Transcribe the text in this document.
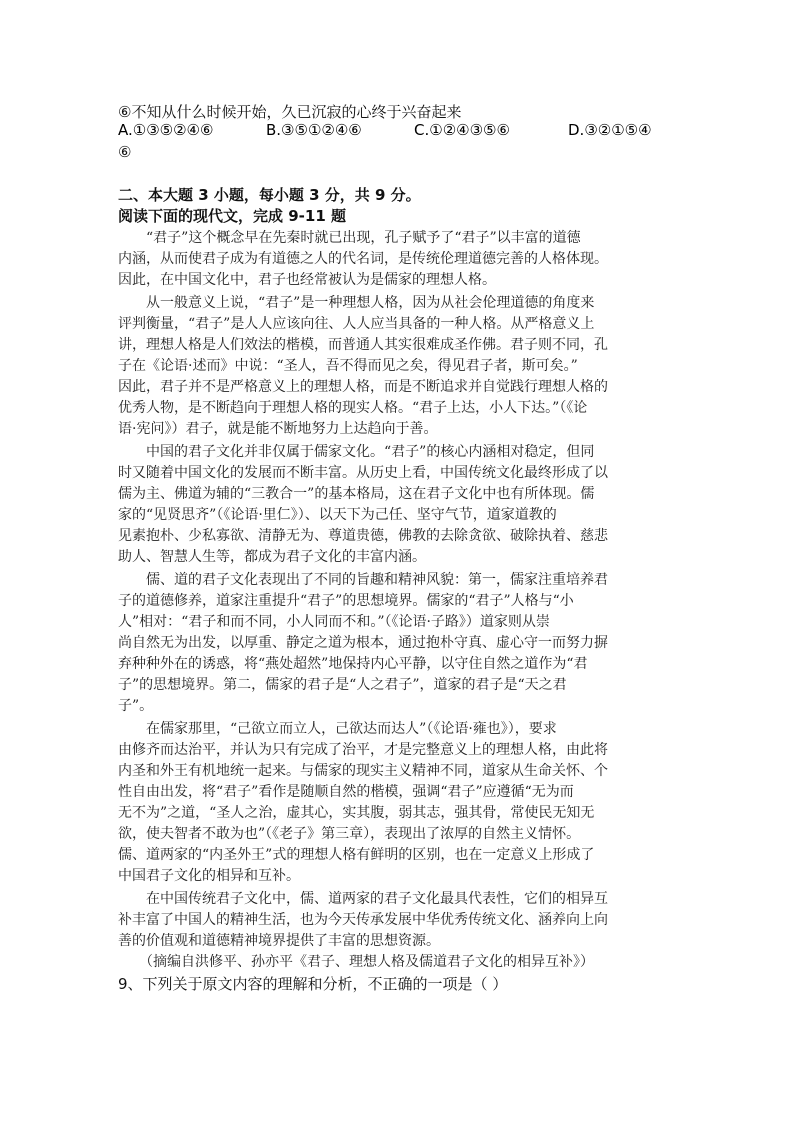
⑥不知从什么时候开始，久已沉寂的心终于兴奋起来

A.①③⑤②④⑥	B.③⑤①②④⑥	C.①②④③⑤⑥	D.③②①⑤④

⑥

二、本大题 3 小题，每小题 3 分，共 9 分。

阅读下面的现代文，完成 9-11 题

　　“君子”这个概念早在先秦时就已出现，孔子赋予了“君子”以丰富的道德

内涵，从而使君子成为有道德之人的代名词，是传统伦理道德完善的人格体现。

因此，在中国文化中，君子也经常被认为是儒家的理想人格。

　　从一般意义上说，“君子”是一种理想人格，因为从社会伦理道德的角度来

评判衡量，“君子”是人人应该向往、人人应当具备的一种人格。从严格意义上

讲，理想人格是人们效法的楷模，而普通人其实很难成圣作佛。君子则不同，孔

子在《论语·述而》中说：“圣人，吾不得而见之矣，得见君子者，斯可矣。”

因此，君子并不是严格意义上的理想人格，而是不断追求并自觉践行理想人格的

优秀人物，是不断趋向于理想人格的现实人格。“君子上达，小人下达。”（《论

语·宪问》）君子，就是能不断地努力上达趋向于善。

　　中国的君子文化并非仅属于儒家文化。“君子”的核心内涵相对稳定，但同

时又随着中国文化的发展而不断丰富。从历史上看，中国传统文化最终形成了以

儒为主、佛道为辅的“三教合一”的基本格局，这在君子文化中也有所体现。儒

家的“见贤思齐”（《论语·里仁》）、以天下为己任、坚守气节，道家道教的

见素抱朴、少私寡欲、清静无为、尊道贵德，佛教的去除贪欲、破除执着、慈悲

助人、智慧人生等，都成为君子文化的丰富内涵。

　　儒、道的君子文化表现出了不同的旨趣和精神风貌：第一，儒家注重培养君

子的道德修养，道家注重提升“君子”的思想境界。儒家的“君子”人格与“小

人”相对：“君子和而不同，小人同而不和。”（《论语·子路》）道家则从崇

尚自然无为出发，以厚重、静定之道为根本，通过抱朴守真、虚心守一而努力摒

弃种种外在的诱惑，将“燕处超然”地保持内心平静，以守住自然之道作为“君

子”的思想境界。第二，儒家的君子是“人之君子”，道家的君子是“天之君

子”。

　　在儒家那里，“己欲立而立人，己欲达而达人”（《论语·雍也》），要求

由修齐而达治平，并认为只有完成了治平，才是完整意义上的理想人格，由此将

内圣和外王有机地统一起来。与儒家的现实主义精神不同，道家从生命关怀、个

性自由出发，将“君子”看作是随顺自然的楷模，强调“君子”应遵循“无为而

无不为”之道，“圣人之治，虚其心，实其腹，弱其志，强其骨，常使民无知无

欲，使夫智者不敢为也”（《老子》第三章），表现出了浓厚的自然主义情怀。

儒、道两家的“内圣外王”式的理想人格有鲜明的区别，也在一定意义上形成了

中国君子文化的相异和互补。

　　在中国传统君子文化中，儒、道两家的君子文化最具代表性，它们的相异互

补丰富了中国人的精神生活，也为今天传承发展中华优秀传统文化、涵养向上向

善的价值观和道德精神境界提供了丰富的思想资源。

　　（摘编自洪修平、孙亦平《君子、理想人格及儒道君子文化的相异互补》）

9、下列关于原文内容的理解和分析，不正确的一项是（ ）
